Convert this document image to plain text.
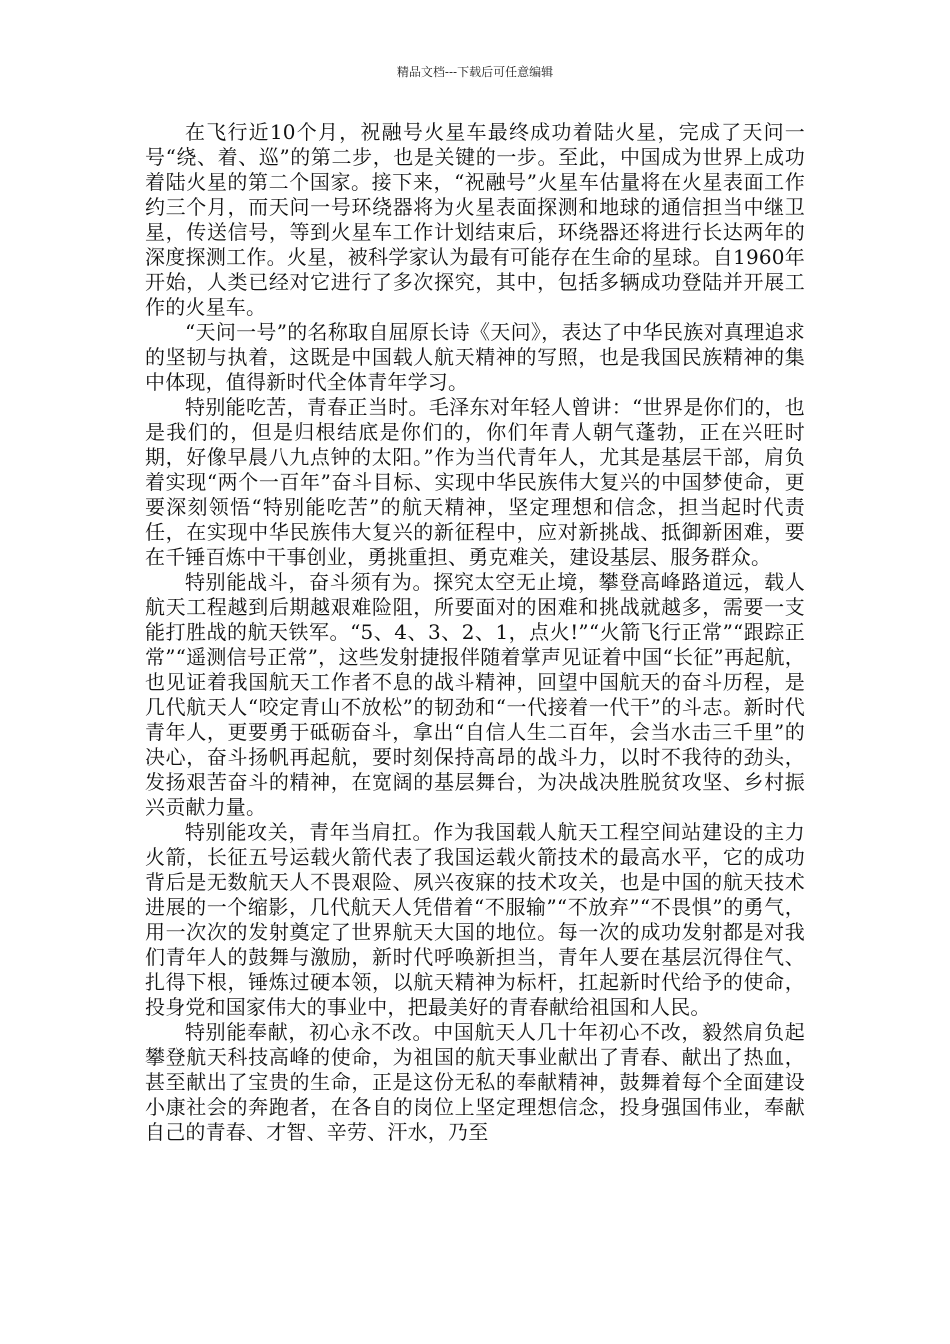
精品文档---下载后可任意编辑

在飞行近10个月，祝融号火星车最终成功着陆火星，完成了天问一号“绕、着、巡”的第二步，也是关键的一步。至此，中国成为世界上成功着陆火星的第二个国家。接下来，“祝融号”火星车估量将在火星表面工作约三个月，而天问一号环绕器将为火星表面探测和地球的通信担当中继卫星，传送信号，等到火星车工作计划结束后，环绕器还将进行长达两年的深度探测工作。火星，被科学家认为最有可能存在生命的星球。自1960年开始，人类已经对它进行了多次探究，其中，包括多辆成功登陆并开展工作的火星车。

“天问一号”的名称取自屈原长诗《天问》，表达了中华民族对真理追求的坚韧与执着，这既是中国载人航天精神的写照，也是我国民族精神的集中体现，值得新时代全体青年学习。

特别能吃苦，青春正当时。毛泽东对年轻人曾讲：“世界是你们的，也是我们的，但是归根结底是你们的，你们年青人朝气蓬勃，正在兴旺时期，好像早晨八九点钟的太阳。”作为当代青年人，尤其是基层干部，肩负着实现“两个一百年”奋斗目标、实现中华民族伟大复兴的中国梦使命，更要深刻领悟“特别能吃苦”的航天精神，坚定理想和信念，担当起时代责任，在实现中华民族伟大复兴的新征程中，应对新挑战、抵御新困难，要在千锤百炼中干事创业，勇挑重担、勇克难关，建设基层、服务群众。

特别能战斗，奋斗须有为。探究太空无止境，攀登高峰路道远，载人航天工程越到后期越艰难险阻，所要面对的困难和挑战就越多，需要一支能打胜战的航天铁军。“5、4、3、2、1，点火!”“火箭飞行正常”“跟踪正常”“遥测信号正常”，这些发射捷报伴随着掌声见证着中国“长征”再起航，也见证着我国航天工作者不息的战斗精神，回望中国航天的奋斗历程，是几代航天人“咬定青山不放松”的韧劲和“一代接着一代干”的斗志。新时代青年人，更要勇于砥砺奋斗，拿出“自信人生二百年，会当水击三千里”的决心，奋斗扬帆再起航，要时刻保持高昂的战斗力，以时不我待的劲头，发扬艰苦奋斗的精神，在宽阔的基层舞台，为决战决胜脱贫攻坚、乡村振兴贡献力量。

特别能攻关，青年当肩扛。作为我国载人航天工程空间站建设的主力火箭，长征五号运载火箭代表了我国运载火箭技术的最高水平，它的成功背后是无数航天人不畏艰险、夙兴夜寐的技术攻关，也是中国的航天技术进展的一个缩影，几代航天人凭借着“不服输”“不放弃”“不畏惧”的勇气，用一次次的发射奠定了世界航天大国的地位。每一次的成功发射都是对我们青年人的鼓舞与激励，新时代呼唤新担当，青年人要在基层沉得住气、扎得下根，锤炼过硬本领，以航天精神为标杆，扛起新时代给予的使命，投身党和国家伟大的事业中，把最美好的青春献给祖国和人民。

特别能奉献，初心永不改。中国航天人几十年初心不改，毅然肩负起攀登航天科技高峰的使命，为祖国的航天事业献出了青春、献出了热血，甚至献出了宝贵的生命，正是这份无私的奉献精神，鼓舞着每个全面建设小康社会的奔跑者，在各自的岗位上坚定理想信念，投身强国伟业，奉献自己的青春、才智、辛劳、汗水，乃至
